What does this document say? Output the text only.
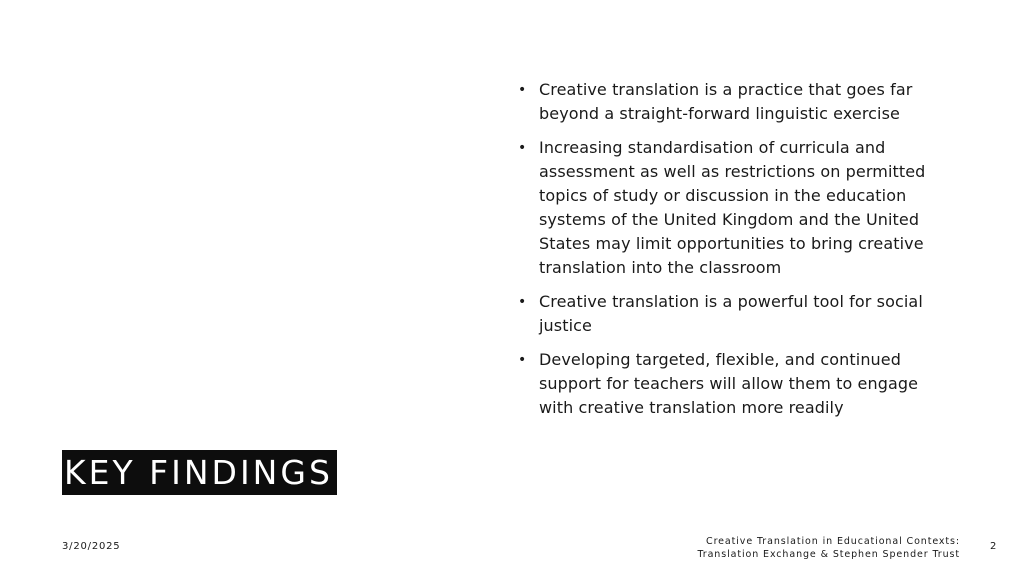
• Creative translation is a practice that goes far beyond a straight-forward linguistic exercise
• Increasing standardisation of curricula and assessment as well as restrictions on permitted topics of study or discussion in the education systems of the United Kingdom and the United States may limit opportunities to bring creative translation into the classroom
• Creative translation is a powerful tool for social justice
• Developing targeted, flexible, and continued support for teachers will allow them to engage with creative translation more readily
KEY FINDINGS
3/20/2025	Creative Translation in Educational Contexts:
Translation Exchange & Stephen Spender Trust
2
